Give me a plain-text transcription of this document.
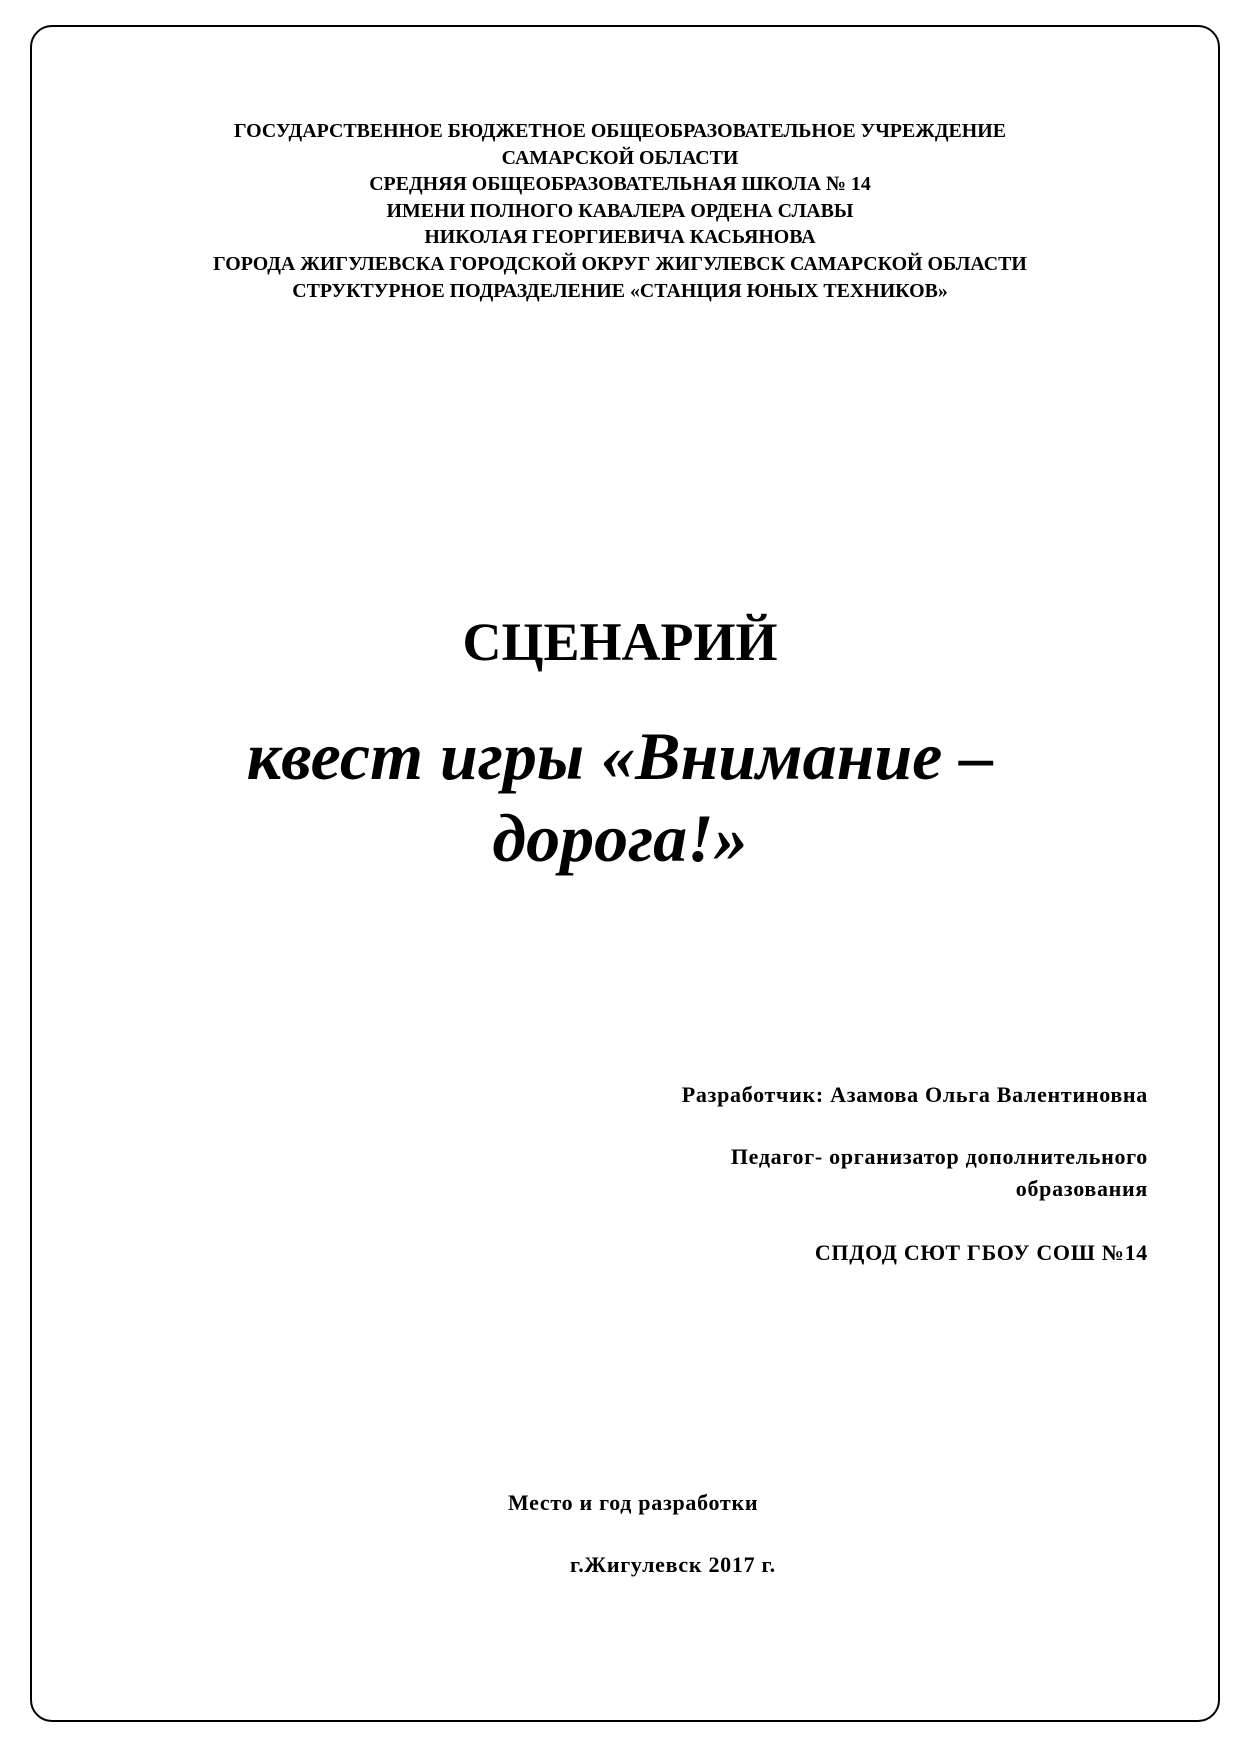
ГОСУДАРСТВЕННОЕ БЮДЖЕТНОЕ ОБЩЕОБРАЗОВАТЕЛЬНОЕ УЧРЕЖДЕНИЕ
САМАРСКОЙ ОБЛАСТИ
СРЕДНЯЯ ОБЩЕОБРАЗОВАТЕЛЬНАЯ ШКОЛА № 14
ИМЕНИ ПОЛНОГО КАВАЛЕРА ОРДЕНА СЛАВЫ
НИКОЛАЯ ГЕОРГИЕВИЧА КАСЬЯНОВА
ГОРОДА ЖИГУЛЕВСКА ГОРОДСКОЙ ОКРУГ ЖИГУЛЕВСК САМАРСКОЙ ОБЛАСТИ
СТРУКТУРНОЕ ПОДРАЗДЕЛЕНИЕ «СТАНЦИЯ ЮНЫХ ТЕХНИКОВ»
СЦЕНАРИЙ
квест игры «Внимание –
дорога!»
Разработчик: Азамова Ольга Валентиновна
Педагог- организатор дополнительного
образования
СПДОД СЮТ ГБОУ СОШ №14
Место и год разработки
г.Жигулевск 2017 г.
